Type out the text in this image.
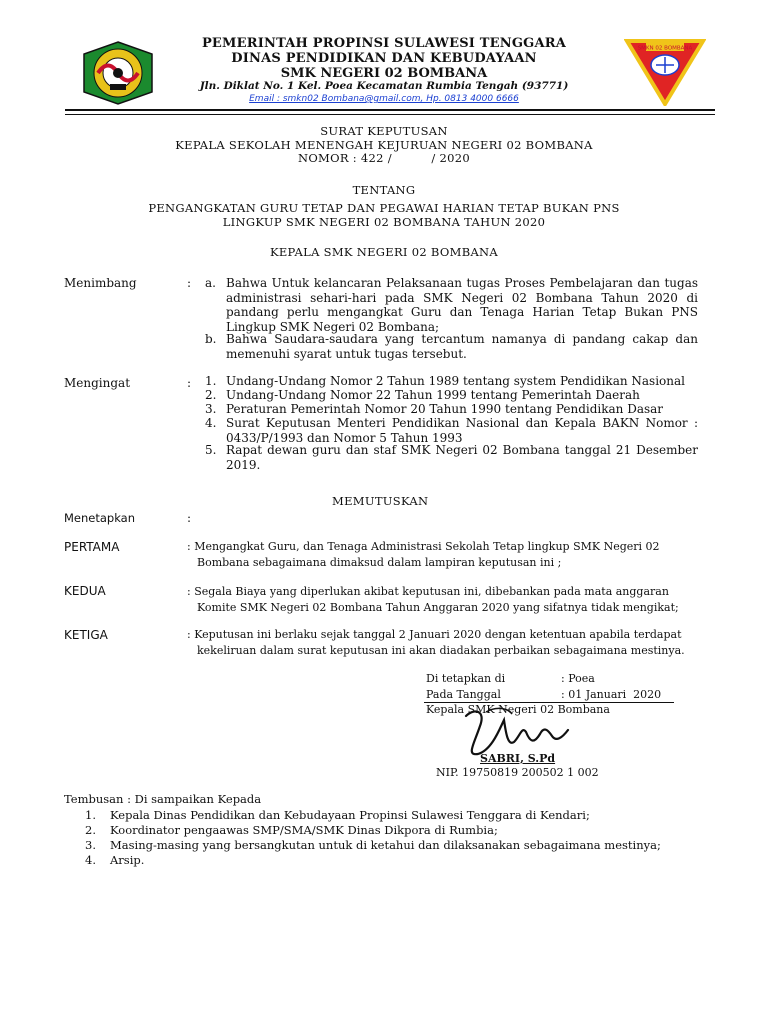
SMKN 02 BOMBANA
PEMERINTAH PROPINSI SULAWESI TENGGARA
DINAS PENDIDIKAN DAN KEBUDAYAAN
SMK NEGERI 02 BOMBANA
Jln. Diklat No. 1 Kel. Poea Kecamatan Rumbia Tengah (93771)
Email : smkn02 Bombana@gmail.com, Hp. 0813 4000 6666
SURAT KEPUTUSAN
KEPALA SEKOLAH MENENGAH KEJURUAN NEGERI 02 BOMBANA
NOMOR : 422 /          / 2020
TENTANG
PENGANGKATAN GURU TETAP DAN PEGAWAI HARIAN TETAP BUKAN PNS
LINGKUP SMK NEGERI 02 BOMBANA TAHUN 2020
KEPALA SMK NEGERI 02 BOMBANA
Menimbang	: a. Bahwa Untuk kelancaran Pelaksanaan tugas Proses Pembelajaran dan tugas administrasi sehari-hari pada SMK Negeri 02 Bombana Tahun 2020 di pandang perlu mengangkat Guru dan Tenaga Harian Tetap Bukan PNS Lingkup SMK Negeri 02 Bombana;
b. Bahwa Saudara-saudara yang tercantum namanya di pandang cakap dan memenuhi syarat untuk tugas tersebut.
Mengingat	: 1. Undang-Undang Nomor 2 Tahun 1989 tentang system Pendidikan Nasional
2. Undang-Undang Nomor 22 Tahun 1999 tentang Pemerintah Daerah
3. Peraturan Pemerintah Nomor 20 Tahun 1990 tentang Pendidikan Dasar
4. Surat Keputusan Menteri Pendidikan Nasional dan Kepala BAKN Nomor : 0433/P/1993 dan Nomor 5 Tahun 1993
5. Rapat dewan guru dan staf SMK Negeri 02 Bombana tanggal 21 Desember 2019.
MEMUTUSKAN
Menetapkan	:
PERTAMA	: Mengangkat Guru, dan Tenaga Administrasi Sekolah Tetap lingkup SMK Negeri 02
Bombana sebagaimana dimaksud dalam lampiran keputusan ini ;
KEDUA	: Segala Biaya yang diperlukan akibat keputusan ini, dibebankan pada mata anggaran
Komite SMK Negeri 02 Bombana Tahun Anggaran 2020 yang sifatnya tidak mengikat;
KETIGA	: Keputusan ini berlaku sejak tanggal 2 Januari 2020 dengan ketentuan apabila terdapat
kekeliruan dalam surat keputusan ini akan diadakan perbaikan sebagaimana mestinya.
Di tetapkan di	: Poea
Pada Tanggal	: 01 Januari  2020
Kepala SMK Negeri 02 Bombana
SABRI, S.Pd
NIP. 19750819 200502 1 002
Tembusan : Di sampaikan Kepada
1. Kepala Dinas Pendidikan dan Kebudayaan Propinsi Sulawesi Tenggara di Kendari;
2. Koordinator pengaawas SMP/SMA/SMK Dinas Dikpora di Rumbia;
3. Masing-masing yang bersangkutan untuk di ketahui dan dilaksanakan sebagaimana mestinya;
4. Arsip.
